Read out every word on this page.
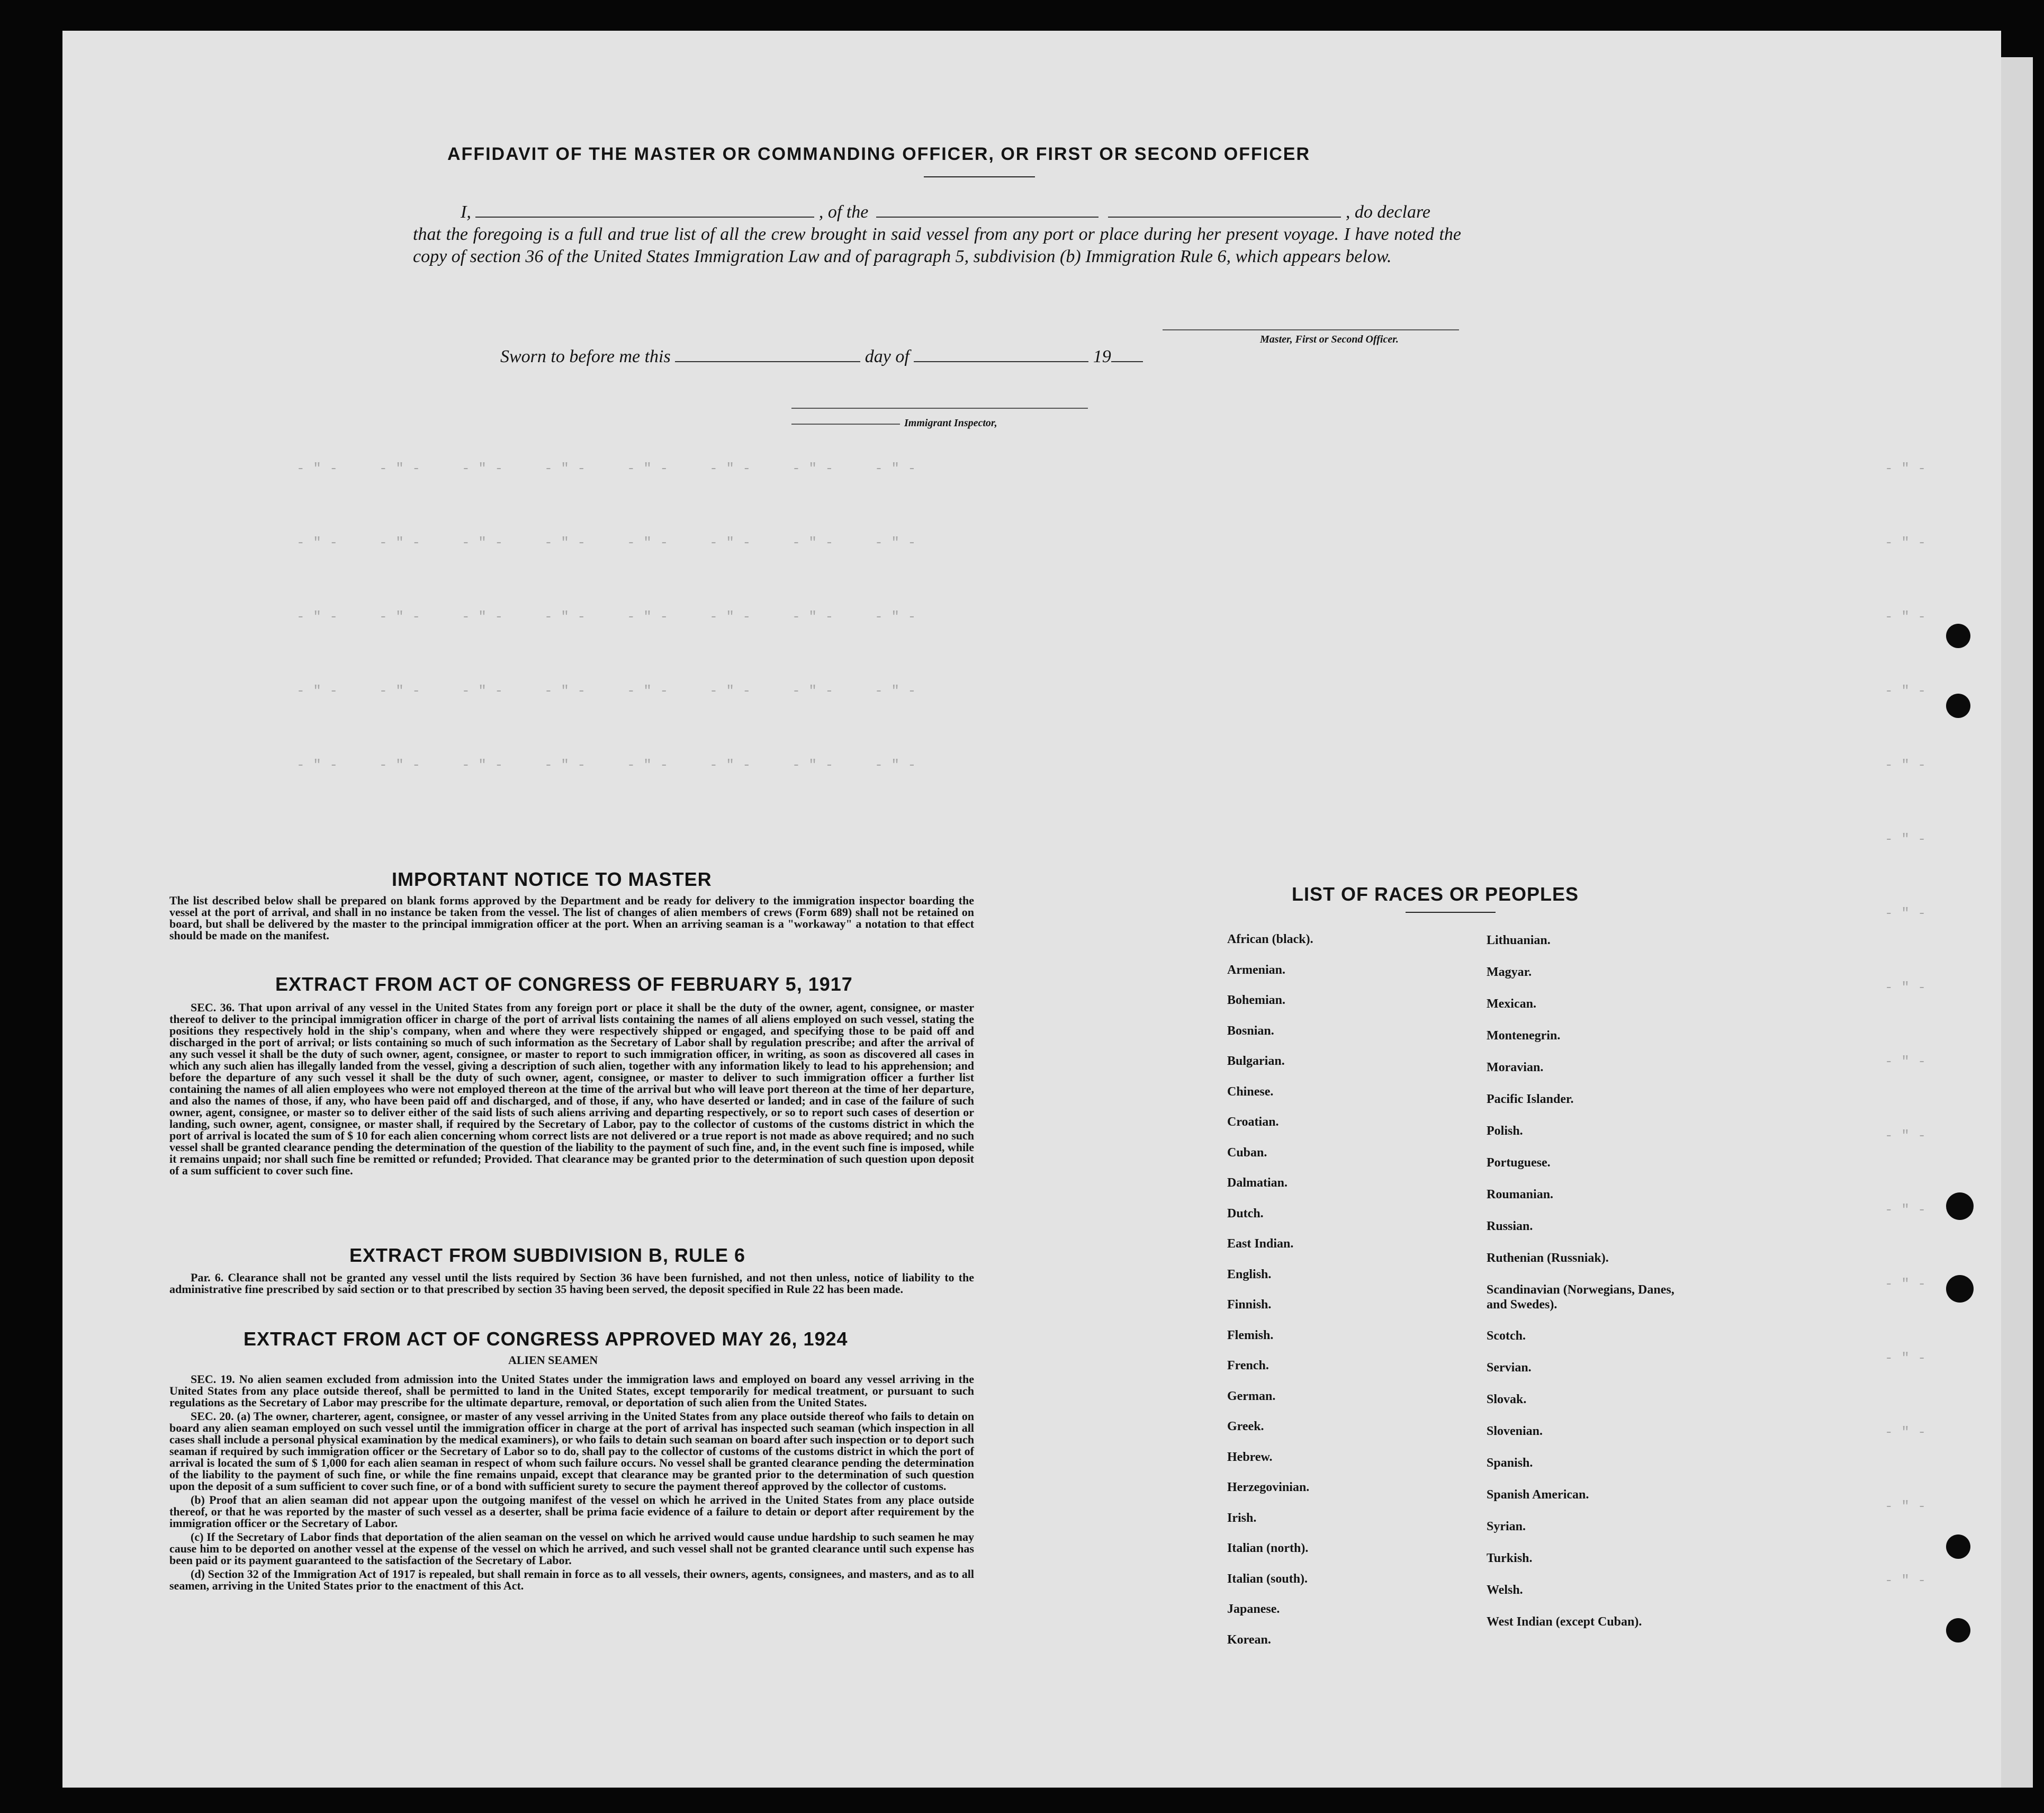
- " -     - " -     - " -     - " -     - " -     - " -     - " -     - " -
- " -     - " -     - " -     - " -     - " -     - " -     - " -     - " -
- " -     - " -     - " -     - " -     - " -     - " -     - " -     - " -
- " -     - " -     - " -     - " -     - " -     - " -     - " -     - " -
- " -     - " -     - " -     - " -     - " -     - " -     - " -     - " -
- " -
- " -
- " -
- " -
- " -
- " -
- " -
- " -
- " -
- " -
- " -
- " -
- " -
- " -
- " -
- " -
AFFIDAVIT OF THE MASTER OR COMMANDING OFFICER, OR FIRST OR SECOND OFFICER

I,	, of the	, do declare

that the foregoing is a full and true list of all the crew brought in said vessel from any port or place during her present voyage. I have noted the copy of section 36 of the United States Immigration Law and of paragraph 5, subdivision (b) Immigration Rule 6, which appears below.

Master, First or Second Officer.
Sworn to before me this	day of	19
Immigrant Inspector,
IMPORTANT NOTICE TO MASTER
The list described below shall be prepared on blank forms approved by the Department and be ready for delivery to the immigration inspector boarding the vessel at the port of arrival, and shall in no instance be taken from the vessel. The list of changes of alien members of crews (Form 689) shall not be retained on board, but shall be delivered by the master to the principal immigration officer at the port. When an arriving seaman is a "workaway" a notation to that effect should be made on the manifest.
EXTRACT FROM ACT OF CONGRESS OF FEBRUARY 5, 1917
SEC. 36. That upon arrival of any vessel in the United States from any foreign port or place it shall be the duty of the owner, agent, consignee, or master thereof to deliver to the principal immigration officer in charge of the port of arrival lists containing the names of all aliens employed on such vessel, stating the positions they respectively hold in the ship's company, when and where they were respectively shipped or engaged, and specifying those to be paid off and discharged in the port of arrival; or lists containing so much of such information as the Secretary of Labor shall by regulation prescribe; and after the arrival of any such vessel it shall be the duty of such owner, agent, consignee, or master to report to such immigration officer, in writing, as soon as discovered all cases in which any such alien has illegally landed from the vessel, giving a description of such alien, together with any information likely to lead to his apprehension; and before the departure of any such vessel it shall be the duty of such owner, agent, consignee, or master to deliver to such immigration officer a further list containing the names of all alien employees who were not employed thereon at the time of the arrival but who will leave port thereon at the time of her departure, and also the names of those, if any, who have been paid off and discharged, and of those, if any, who have deserted or landed; and in case of the failure of such owner, agent, consignee, or master so to deliver either of the said lists of such aliens arriving and departing respectively, or so to report such cases of desertion or landing, such owner, agent, consignee, or master shall, if required by the Secretary of Labor, pay to the collector of customs of the customs district in which the port of arrival is located the sum of $ 10 for each alien concerning whom correct lists are not delivered or a true report is not made as above required; and no such vessel shall be granted clearance pending the determination of the question of the liability to the payment of such fine, and, in the event such fine is imposed, while it remains unpaid; nor shall such fine be remitted or refunded; Provided. That clearance may be granted prior to the determination of such question upon deposit of a sum sufficient to cover such fine.
EXTRACT FROM SUBDIVISION B, RULE 6
Par. 6. Clearance shall not be granted any vessel until the lists required by Section 36 have been furnished, and not then unless, notice of liability to the administrative fine prescribed by said section or to that prescribed by section 35 having been served, the deposit specified in Rule 22 has been made.
EXTRACT FROM ACT OF CONGRESS APPROVED MAY 26, 1924
ALIEN SEAMEN

SEC. 19. No alien seamen excluded from admission into the United States under the immigration laws and employed on board any vessel arriving in the United States from any place outside thereof, shall be permitted to land in the United States, except temporarily for medical treatment, or pursuant to such regulations as the Secretary of Labor may prescribe for the ultimate departure, removal, or deportation of such alien from the United States.

SEC. 20. (a) The owner, charterer, agent, consignee, or master of any vessel arriving in the United States from any place outside thereof who fails to detain on board any alien seaman employed on such vessel until the immigration officer in charge at the port of arrival has inspected such seaman (which inspection in all cases shall include a personal physical examination by the medical examiners), or who fails to detain such seaman on board after such inspection or to deport such seaman if required by such immigration officer or the Secretary of Labor so to do, shall pay to the collector of customs of the customs district in which the port of arrival is located the sum of $ 1,000 for each alien seaman in respect of whom such failure occurs. No vessel shall be granted clearance pending the determination of the liability to the payment of such fine, or while the fine remains unpaid, except that clearance may be granted prior to the determination of such question upon the deposit of a sum sufficient to cover such fine, or of a bond with sufficient surety to secure the payment thereof approved by the collector of customs.

(b) Proof that an alien seaman did not appear upon the outgoing manifest of the vessel on which he arrived in the United States from any place outside thereof, or that he was reported by the master of such vessel as a deserter, shall be prima facie evidence of a failure to detain or deport after requirement by the immigration officer or the Secretary of Labor.

(c) If the Secretary of Labor finds that deportation of the alien seaman on the vessel on which he arrived would cause undue hardship to such seamen he may cause him to be deported on another vessel at the expense of the vessel on which he arrived, and such vessel shall not be granted clearance until such expense has been paid or its payment guaranteed to the satisfaction of the Secretary of Labor.

(d) Section 32 of the Immigration Act of 1917 is repealed, but shall remain in force as to all vessels, their owners, agents, consignees, and masters, and as to all seamen, arriving in the United States prior to the enactment of this Act.

LIST OF RACES OR PEOPLES
African (black).
Armenian.
Bohemian.
Bosnian.
Bulgarian.
Chinese.
Croatian.
Cuban.
Dalmatian.
Dutch.
East Indian.
English.
Finnish.
Flemish.
French.
German.
Greek.
Hebrew.
Herzegovinian.
Irish.
Italian (north).
Italian (south).
Japanese.
Korean.
Lithuanian.
Magyar.
Mexican.
Montenegrin.
Moravian.
Pacific Islander.
Polish.
Portuguese.
Roumanian.
Russian.
Ruthenian (Russniak).
Scandinavian (Norwegians, Danes, and Swedes).
Scotch.
Servian.
Slovak.
Slovenian.
Spanish.
Spanish American.
Syrian.
Turkish.
Welsh.
West Indian (except Cuban).
